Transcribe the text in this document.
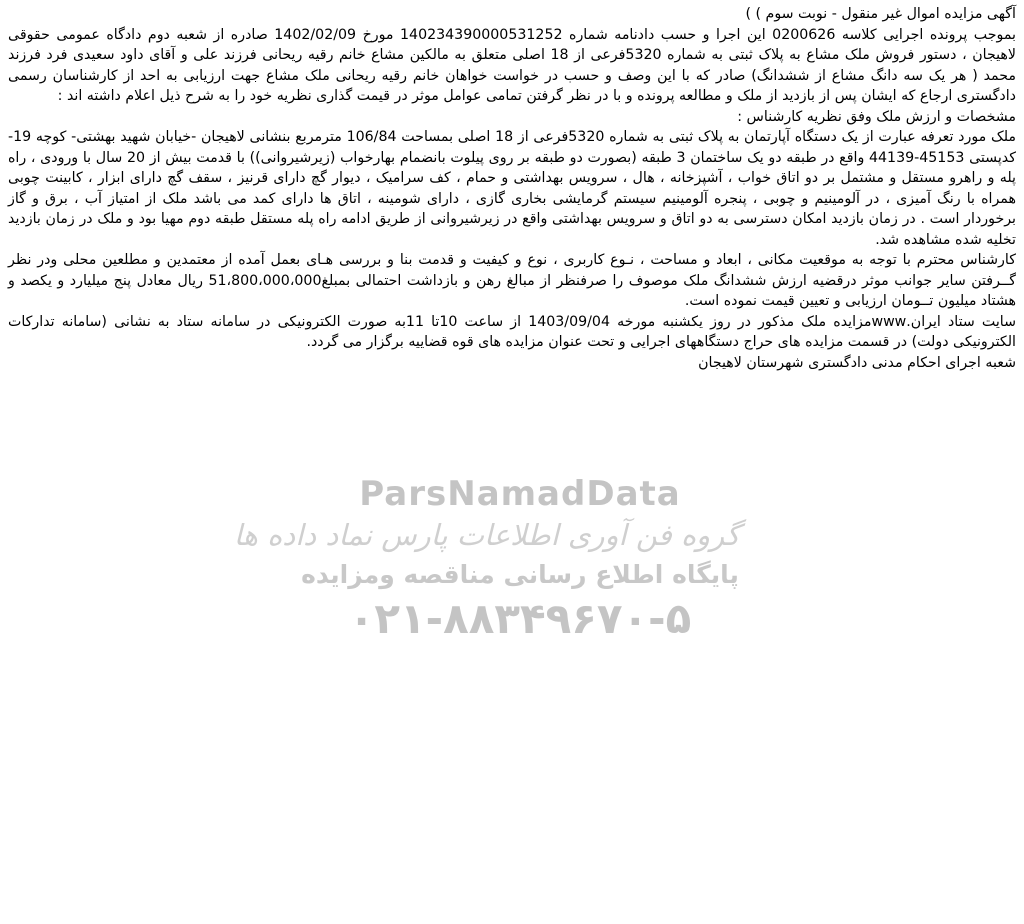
آگهی مزایده اموال غیر منقول - نوبت سوم ) )

بموجب پرونده اجرایی کلاسه 0200626 این اجرا و حسب دادنامه شماره 140234390000531252 مورخ 1402/02/09 صادره از شعبه دوم دادگاه عمومی حقوقی لاهیجان ، دستور فروش ملک مشاع به پلاک ثبتی به شماره 5320فرعی از 18 اصلی متعلق به مالکین مشاع خانم رقیه ریحانی فرزند علی و آقای داود سعیدی فرد فرزند محمد ( هر یک سه دانگ مشاع از ششدانگ) صادر که با این وصف و حسب در خواست خواهان خانم رقیه ریحانی ملک مشاع جهت ارزیابی به احد از کارشناسان رسمی دادگستری ارجاع که ایشان پس از بازدید از ملک و مطالعه پرونده و با در نظر گرفتن تمامی عوامل موثر در قیمت گذاری نظریه خود را به شرح ذیل اعلام داشته اند :

مشخصات و ارزش ملک وفق نظریه کارشناس :

ملک مورد تعرفه عبارت از یک دستگاه آپارتمان به پلاک ثبتی به شماره 5320فرعی از 18 اصلی بمساحت 106/84 مترمربع بنشانی لاهیجان -خیابان شهید بهشتی- کوچه 19- کدپستی 45153-44139 واقع در طبقه دو یک ساختمان 3 طبقه (بصورت دو طبقه بر روی پیلوت بانضمام بهارخواب (زیرشیروانی)) با قدمت بیش از 20 سال با ورودی ، راه پله و راهرو مستقل و مشتمل بر دو اتاق خواب ، آشپزخانه ، هال ، سرویس بهداشتی و حمام ، کف سرامیک ، دیوار گچ دارای قرنیز ، سقف گچ دارای ابزار ، کابینت چوبی همراه با رنگ آمیزی ، در آلومینیم و چوبی ، پنجره آلومینیم سیستم گرمایشی بخاری گازی ، دارای شومینه ، اتاق ها دارای کمد می باشد ملک از امتیاز آب ، برق و گاز برخوردار است . در زمان بازدید امکان دسترسی به دو اتاق و سرویس بهداشتی واقع در زیرشیروانی از طریق ادامه راه پله مستقل طبقه دوم مهیا بود و ملک در زمان بازدید تخلیه شده مشاهده شد.

کارشناس محترم با توجه به موقعیت مکانی ، ابعاد و مساحت ، نـوع کاربری ، نوع و کیفیت و قدمت بنا و بررسی هـای بعمل آمده از معتمدین و مطلعین محلی ودر نظر گــرفتن سایر جوانب موثر درقضیه ارزش ششدانگ ملک موصوف را صرفنظر از مبالغ رهن و بازداشت احتمالی بمبلغ51،800،000،000 ریال معادل پنج میلیارد و یکصد و هشتاد میلیون تــومان ارزیابی و تعیین قیمت نموده است.

سایت ستاد ایران.wwwمزایده ملک مذکور در روز یکشنبه مورخه 1403/09/04 از ساعت 10تا 11به صورت الکترونیکی در سامانه ستاد به نشانی (سامانه تدارکات الکترونیکی دولت) در قسمت مزایده های حراج دستگاههای اجرایی و تحت عنوان مزایده های قوه قضاییه برگزار می گردد.

شعبه اجرای احکام مدنی دادگستری شهرستان لاهیجان

ParsNamadData
گروه فن آوری اطلاعات پارس نماد داده ها
پایگاه اطلاع رسانی مناقصه ومزایده
۰۲۱-۸۸۳۴۹۶۷۰-۵
